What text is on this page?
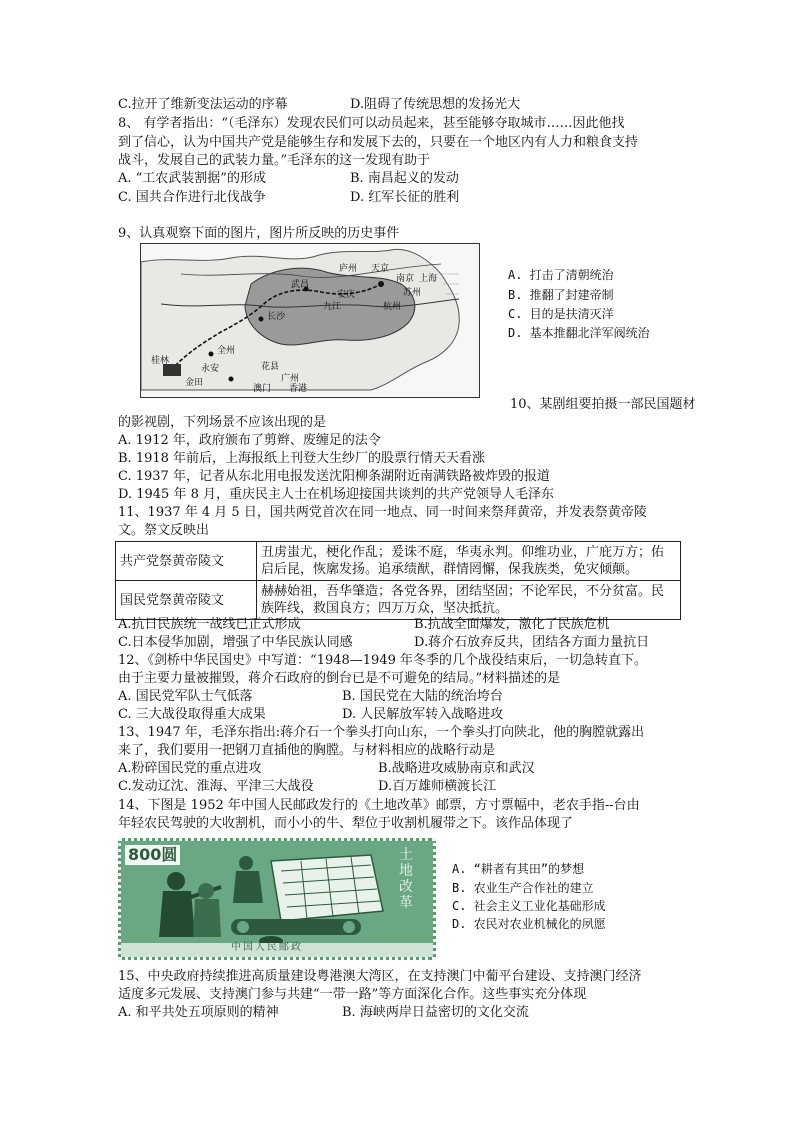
C.拉开了维新变法运动的序幕	D.阻碍了传统思想的发扬光大
8、 有学者指出：“（毛泽东）发现农民们可以动员起来，甚至能够夺取城市……因此他找
到了信心，认为中国共产党是能够生存和发展下去的，只要在一个地区内有人力和粮食支持
战斗，发展自己的武装力量。”毛泽东的这一发现有助于
A. “工农武装割据”的形成	B. 南昌起义的发动
C. 国共合作进行北伐战争	D. 红军长征的胜利
9、认真观察下面的图片，图片所反映的历史事件
天京
武昌
长沙
全州
桂林
永安
金田	广州
花县
澳门 香港
杭州
苏州
上海
安庆
九江
南京
庐州	A. 打击了清朝统治
B. 推翻了封建帝制
C. 目的是扶清灭洋
D. 基本推翻北洋军阀统治
10、某剧组要拍摄一部民国题材
的影视剧，下列场景不应该出现的是
A. 1912 年，政府颁布了剪辫、废缠足的法令
B. 1918 年前后，上海报纸上刊登大生纱厂的股票行情天天看涨
C. 1937 年，记者从东北用电报发送沈阳柳条湖附近南满铁路被炸毁的报道
D. 1945 年 8 月，重庆民主人士在机场迎接国共谈判的共产党领导人毛泽东
11、1937 年 4 月 5 日，国共两党首次在同一地点、同一时间来祭拜黄帝，并发表祭黄帝陵
文。祭文反映出
共产党祭黄帝陵文	丑虏蚩尤，梗化作乱；爰诛不庭，华夷永判。仰维功业，广庇万方；佑启后昆，恢廓发扬。追承绩猷，群情罔懈，保我族类，免灾倾颠。
国民党祭黄帝陵文	赫赫始祖，吾华肇造；各党各界，团结坚固；不论军民，不分贫富。民族阵线，救国良方；四万万众，坚决抵抗。
A.抗日民族统一战线已正式形成	B.抗战全面爆发，激化了民族危机
C.日本侵华加剧，增强了中华民族认同感	D.蒋介石放弃反共，团结各方面力量抗日
12、《剑桥中华民国史》中写道：“1948—1949 年冬季的几个战役结束后，一切急转直下。
由于主要力量被摧毁，蒋介石政府的倒台已是不可避免的结局。”材料描述的是
A. 国民党军队士气低落	B. 国民党在大陆的统治垮台
C. 三大战役取得重大成果	D. 人民解放军转入战略进攻
13、1947 年，毛泽东指出:蒋介石一个拳头打向山东，一个拳头打向陕北，他的胸膛就露出
来了，我们要用一把钢刀直插他的胸膛。与材料相应的战略行动是
A.粉碎国民党的重点进攻	B.战略进攻威胁南京和武汉
C.发动辽沈、淮海、平津三大战役	D.百万雄师横渡长江
14、下图是 1952 年中国人民邮政发行的《土地改革》邮票，方寸票幅中，老农手指--台由
年轻农民驾驶的大收割机，而小小的牛、犁位于收割机履带之下。该作品体现了
800圆	土地改革
中国人民邮政
A. “耕者有其田”的梦想
B. 农业生产合作社的建立
C. 社会主义工业化基础形成
D. 农民对农业机械化的夙愿
15、中央政府持续推进高质量建设粤港澳大湾区，在支持澳门中葡平台建设、支持澳门经济
适度多元发展、支持澳门参与共建“一带一路”等方面深化合作。这些事实充分体现
A. 和平共处五项原则的精神	B. 海峡两岸日益密切的文化交流
